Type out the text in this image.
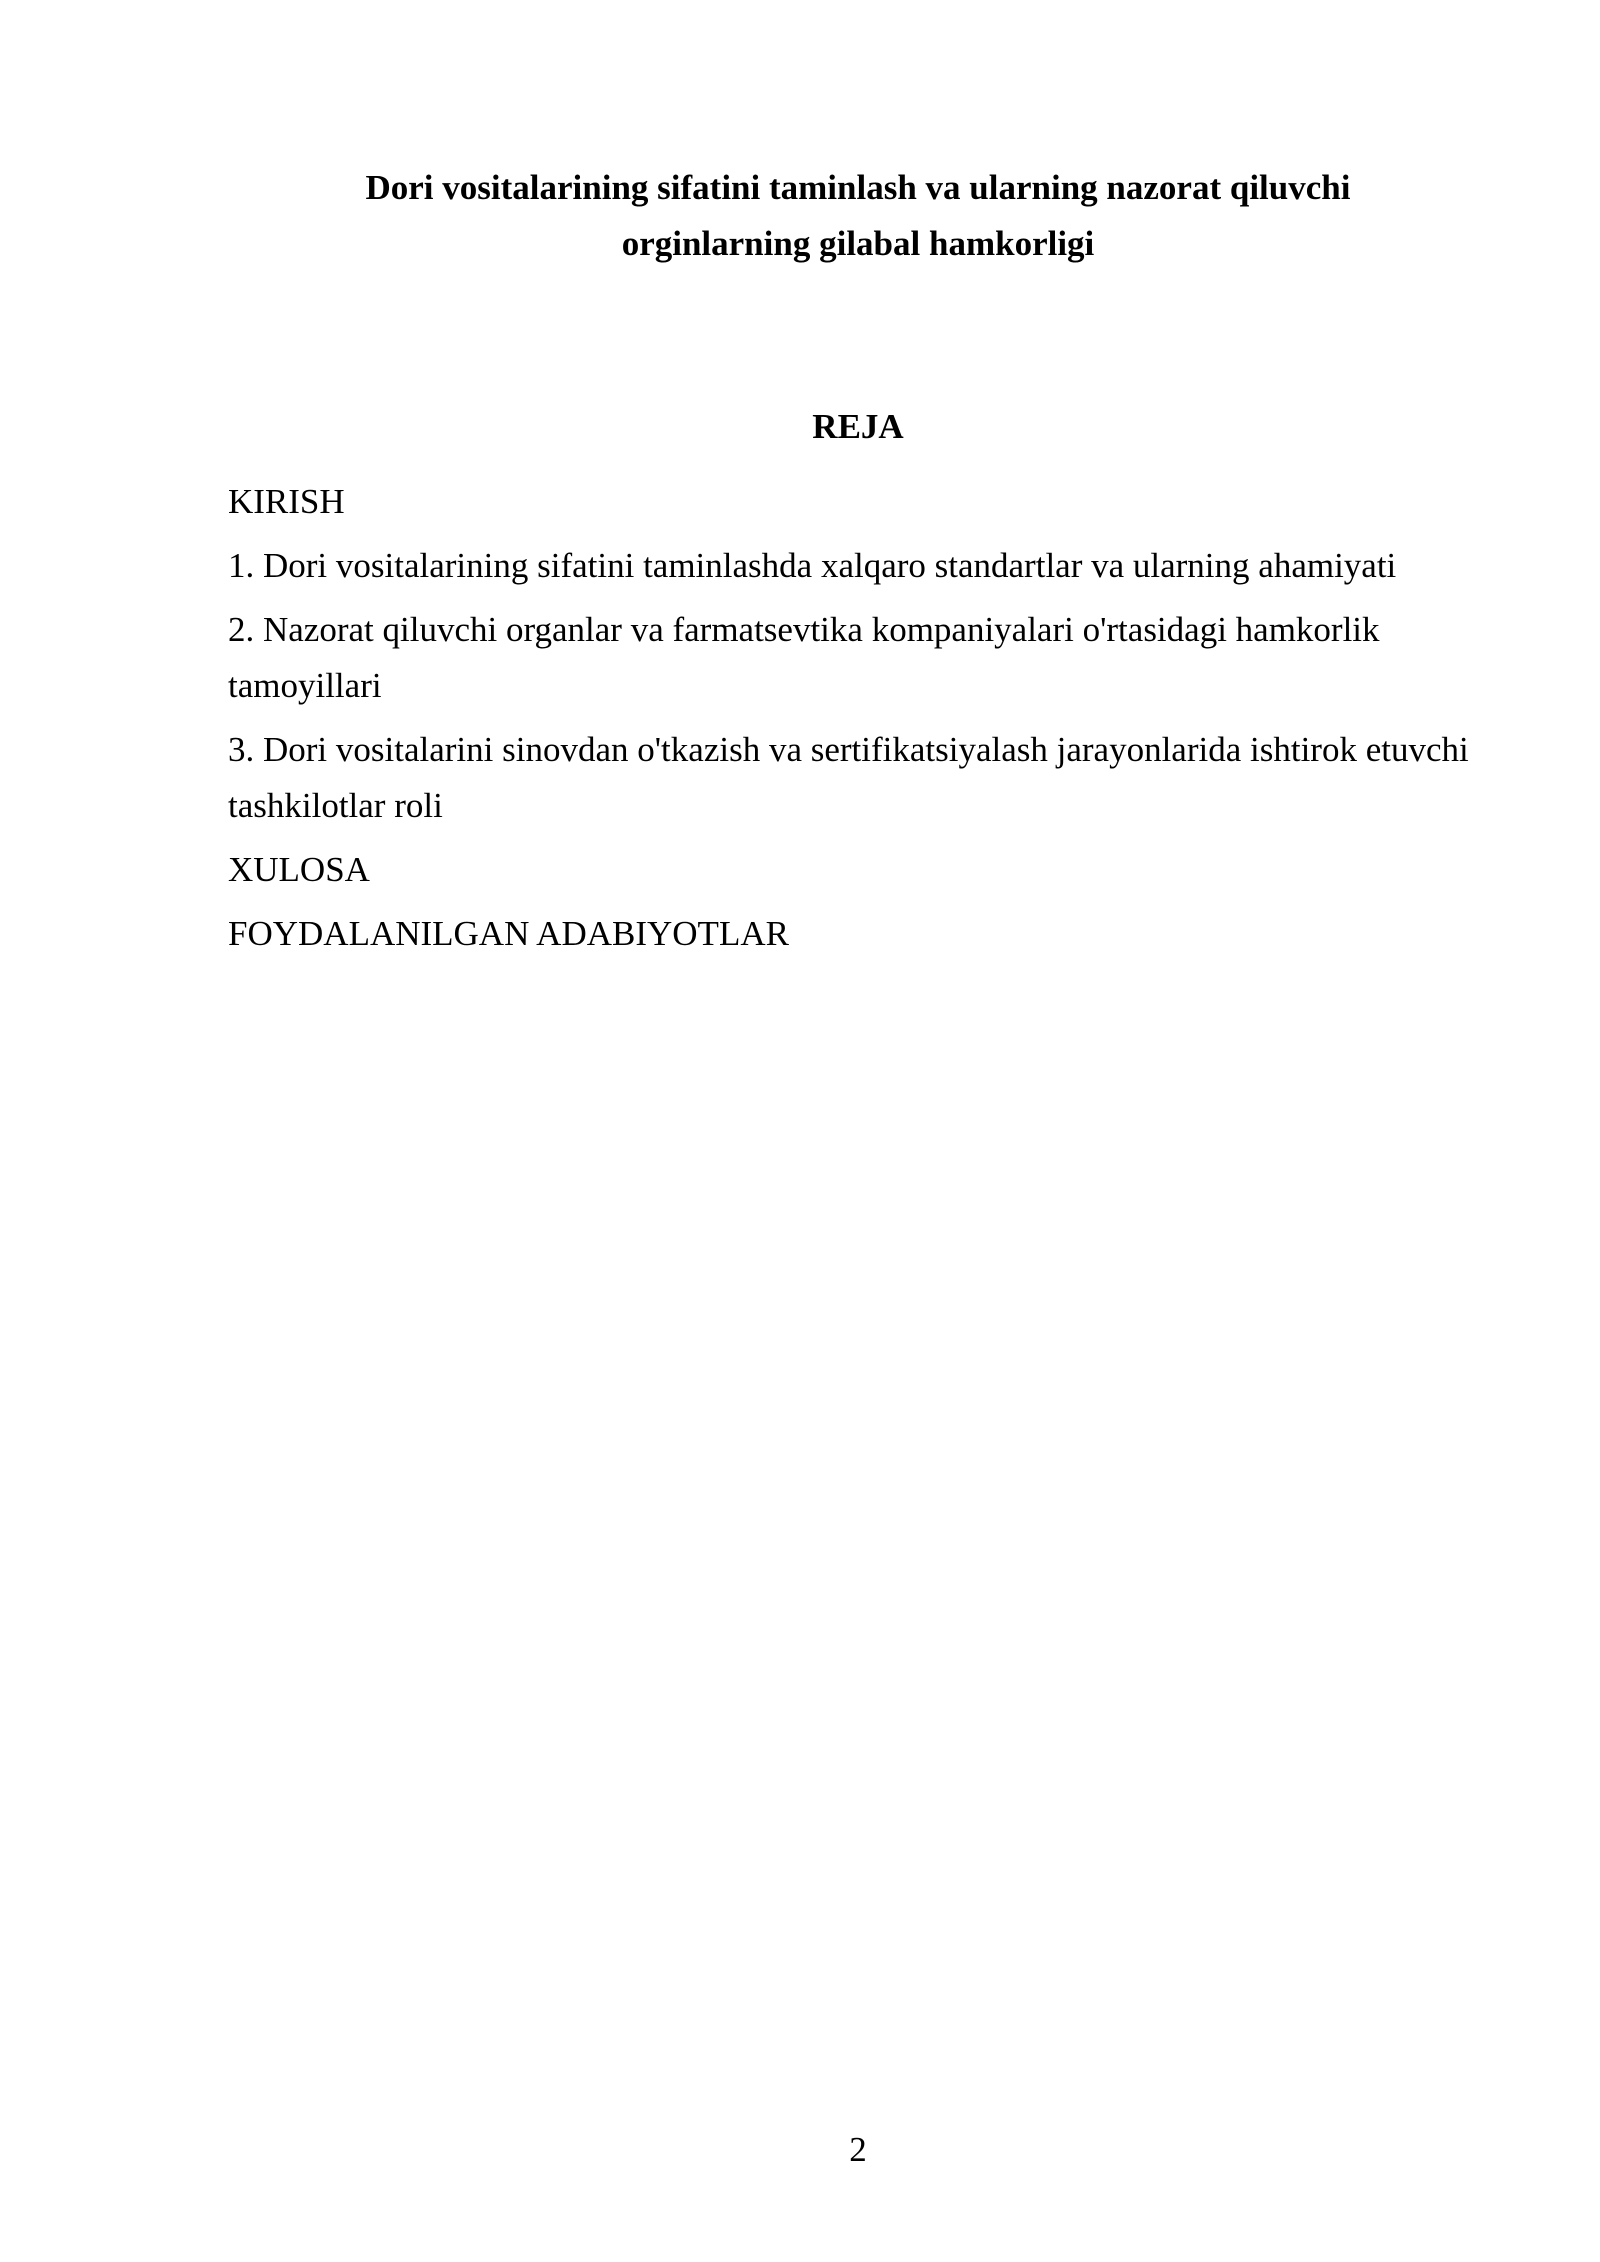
Dori vositalarining sifatini taminlash va ularning nazorat qiluvchi
orginlarning gilabal hamkorligi
REJA
KIRISH
1. Dori vositalarining sifatini taminlashda xalqaro standartlar va ularning ahamiyati
2. Nazorat qiluvchi organlar va farmatsevtika kompaniyalari o'rtasidagi hamkorlik tamoyillari
3. Dori vositalarini sinovdan o'tkazish va sertifikatsiyalash jarayonlarida ishtirok etuvchi tashkilotlar roli
XULOSA
FOYDALANILGAN ADABIYOTLAR
2
